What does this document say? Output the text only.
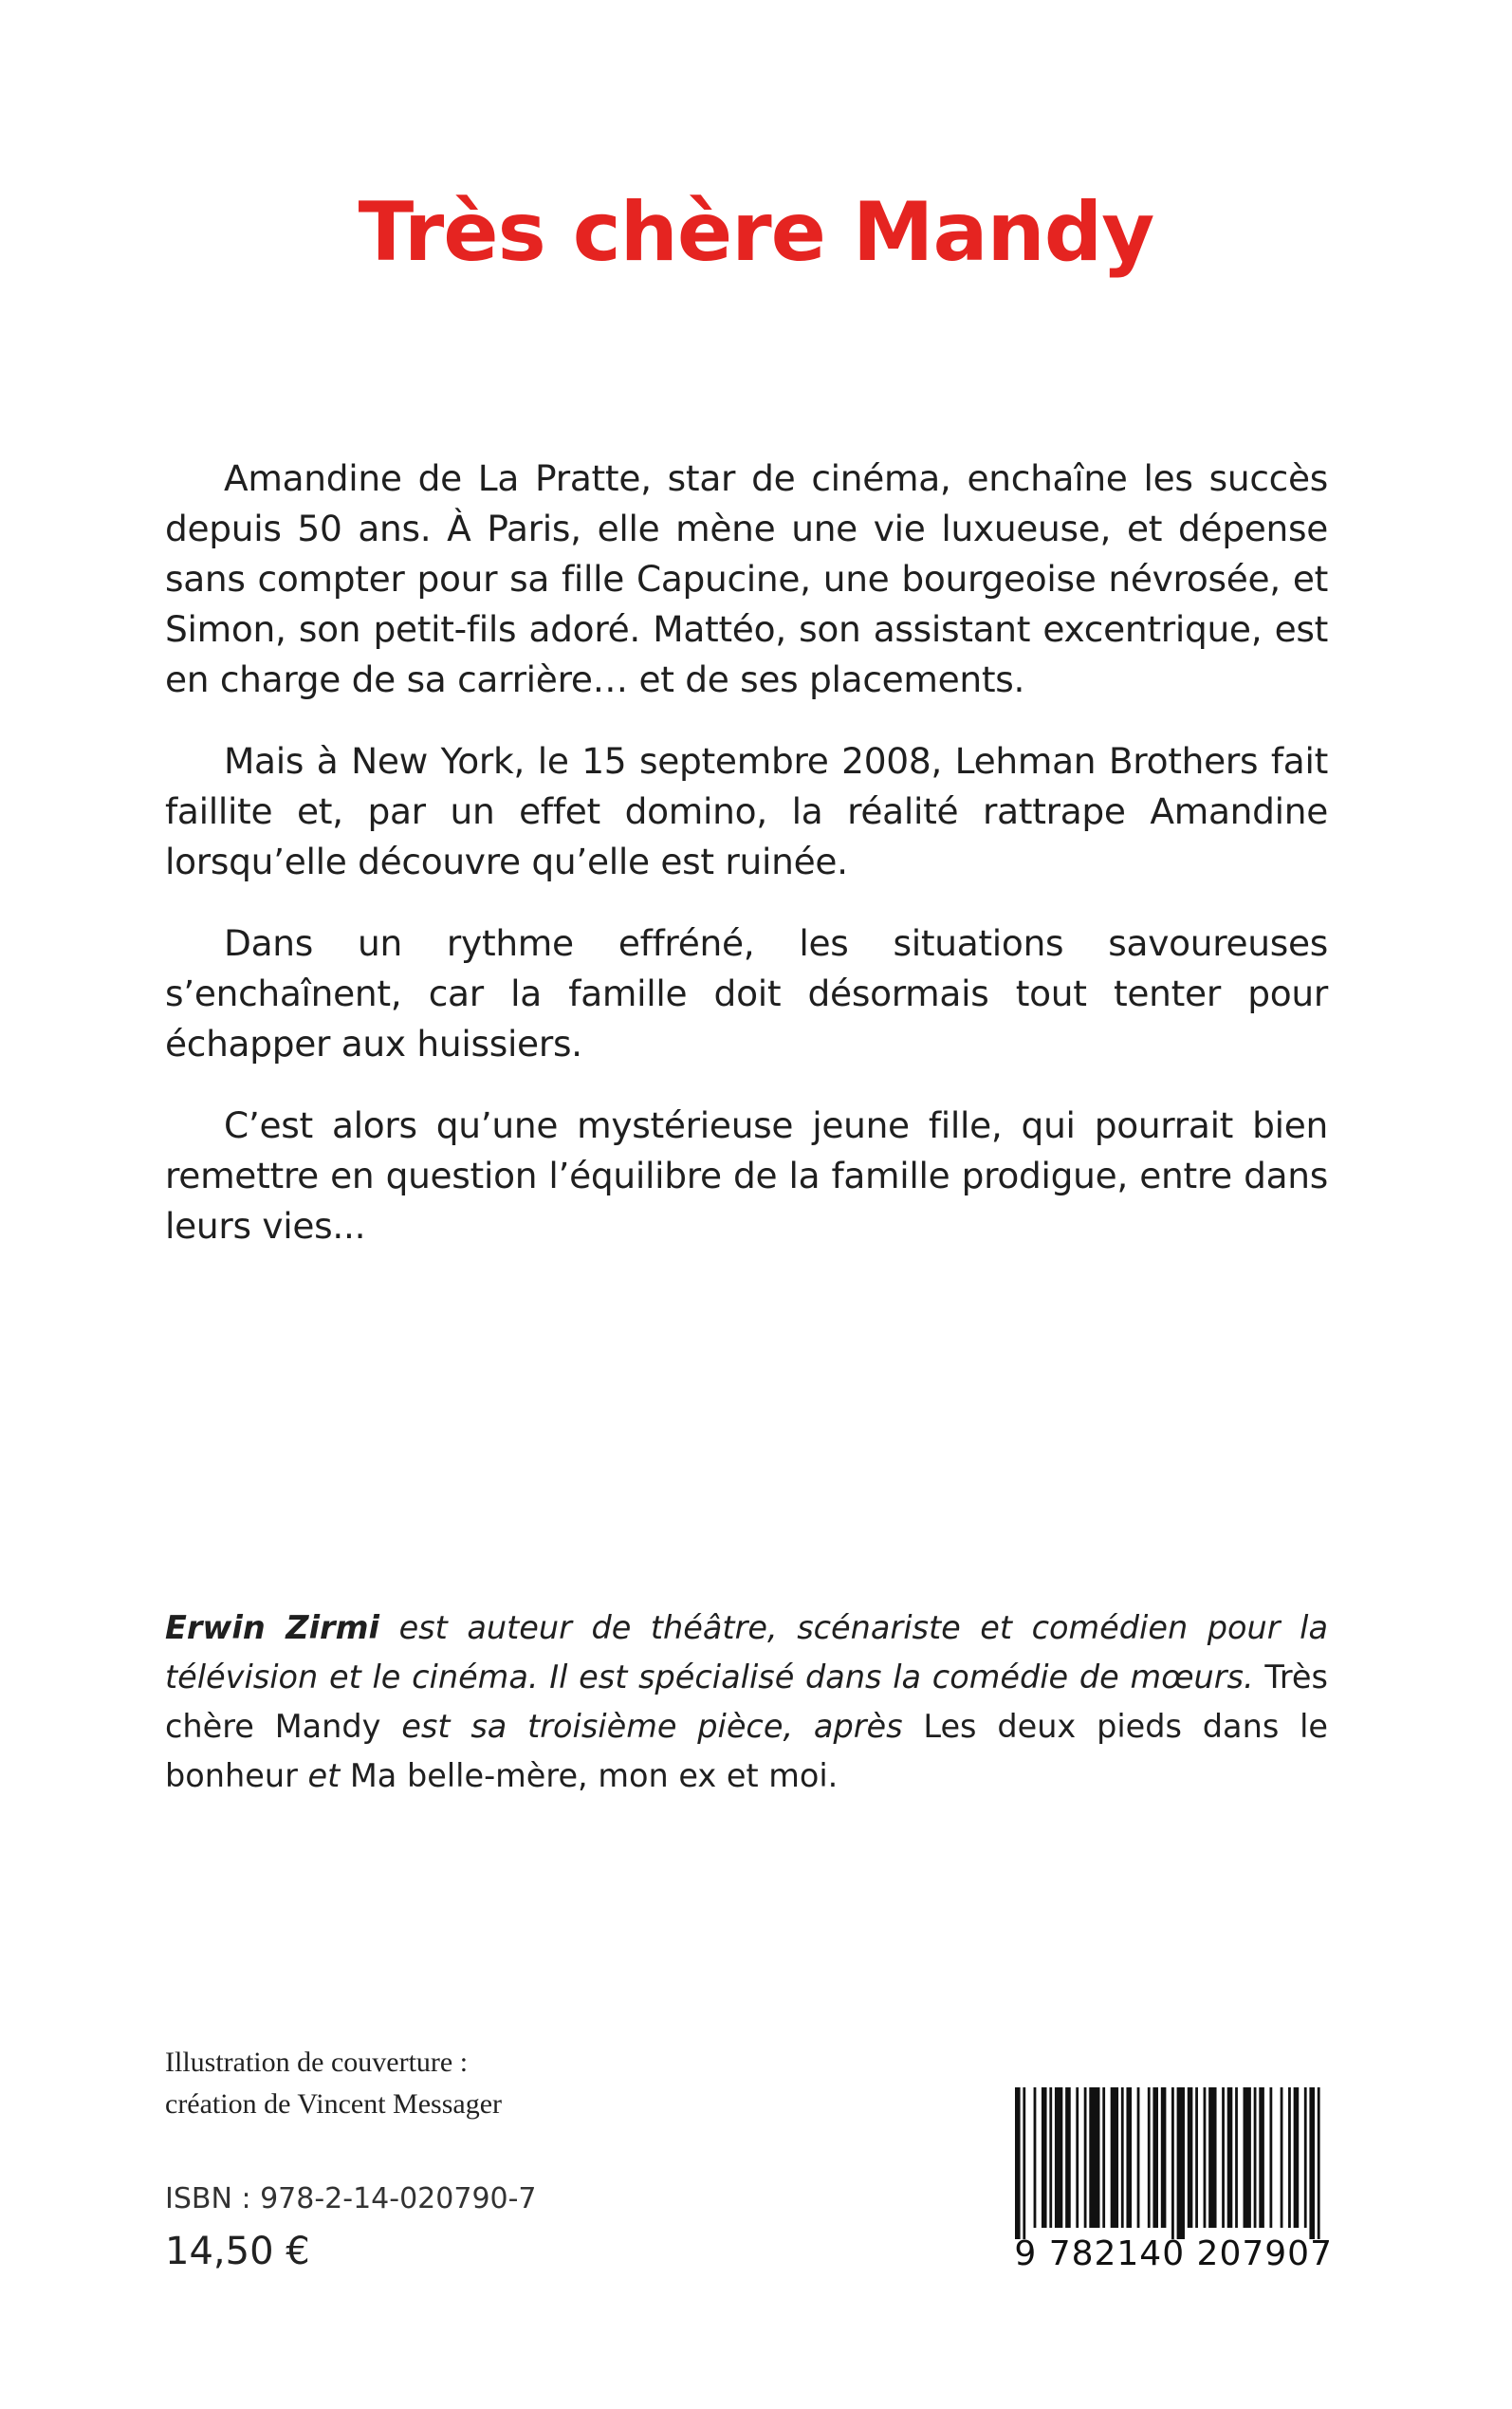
Très chère Mandy

Amandine de La Pratte, star de cinéma, enchaîne les succès depuis 50 ans. À Paris, elle mène une vie luxueuse, et dépense sans compter pour sa fille Capucine, une bourgeoise névrosée, et Simon, son petit-fils adoré. Mattéo, son assistant excentrique, est en charge de sa carrière… et de ses placements.

Mais à New York, le 15 septembre 2008, Lehman Brothers fait faillite et, par un effet domino, la réalité rattrape Amandine lorsqu’elle découvre qu’elle est ruinée.

Dans un rythme effréné, les situations savoureuses s’enchaînent, car la famille doit désormais tout tenter pour échapper aux huissiers.

C’est alors qu’une mystérieuse jeune fille, qui pourrait bien remettre en question l’équilibre de la famille prodigue, entre dans leurs vies...

Erwin Zirmi est auteur de théâtre, scénariste et comédien pour la télévision et le cinéma. Il est spécialisé dans la comédie de mœurs. Très chère Mandy est sa troisième pièce, après Les deux pieds dans le bonheur et Ma belle-mère, mon ex et moi.

Illustration de couverture :
création de Vincent Messager
ISBN : 978-2-14-020790-7
14,50 €	9 782140 207907
